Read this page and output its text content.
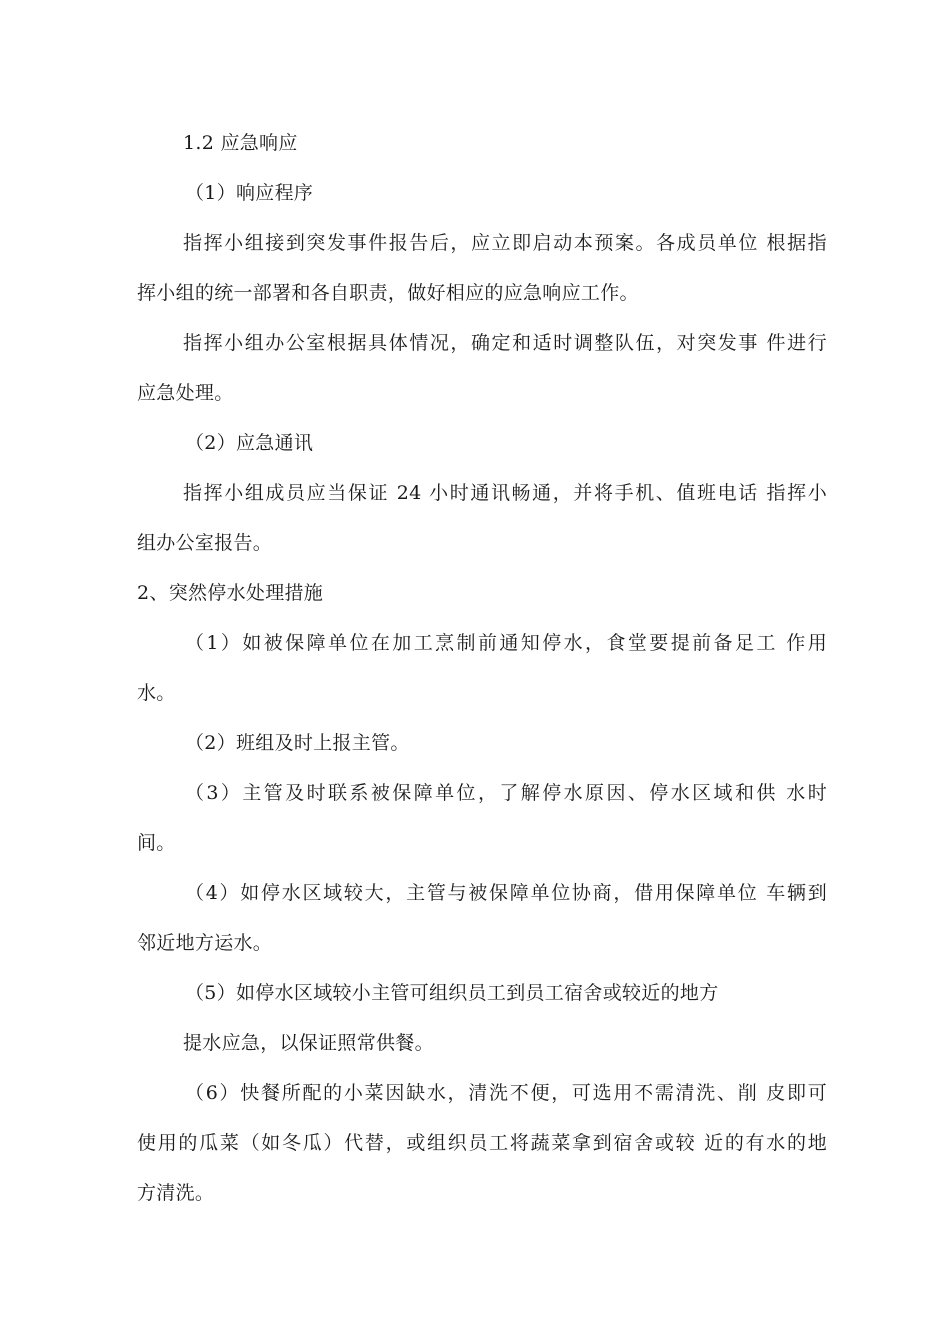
1.2 应急响应
（1）响应程序
指挥小组接到突发事件报告后，应立即启动本预案。各成员单位 根据指
挥小组的统一部署和各自职责，做好相应的应急响应工作。
指挥小组办公室根据具体情况，确定和适时调整队伍，对突发事 件进行
应急处理。
（2）应急通讯
指挥小组成员应当保证 24 小时通讯畅通，并将手机、值班电话 指挥小
组办公室报告。
2、突然停水处理措施
（1）如被保障单位在加工烹制前通知停水，食堂要提前备足工 作用
水。
（2）班组及时上报主管。
（3）主管及时联系被保障单位，了解停水原因、停水区域和供 水时
间。
（4）如停水区域较大，主管与被保障单位协商，借用保障单位 车辆到
邻近地方运水。
（5）如停水区域较小主管可组织员工到员工宿舍或较近的地方
提水应急，以保证照常供餐。
（6）快餐所配的小菜因缺水，清洗不便，可选用不需清洗、削 皮即可
使用的瓜菜（如冬瓜）代替，或组织员工将蔬菜拿到宿舍或较 近的有水的地
方清洗。
